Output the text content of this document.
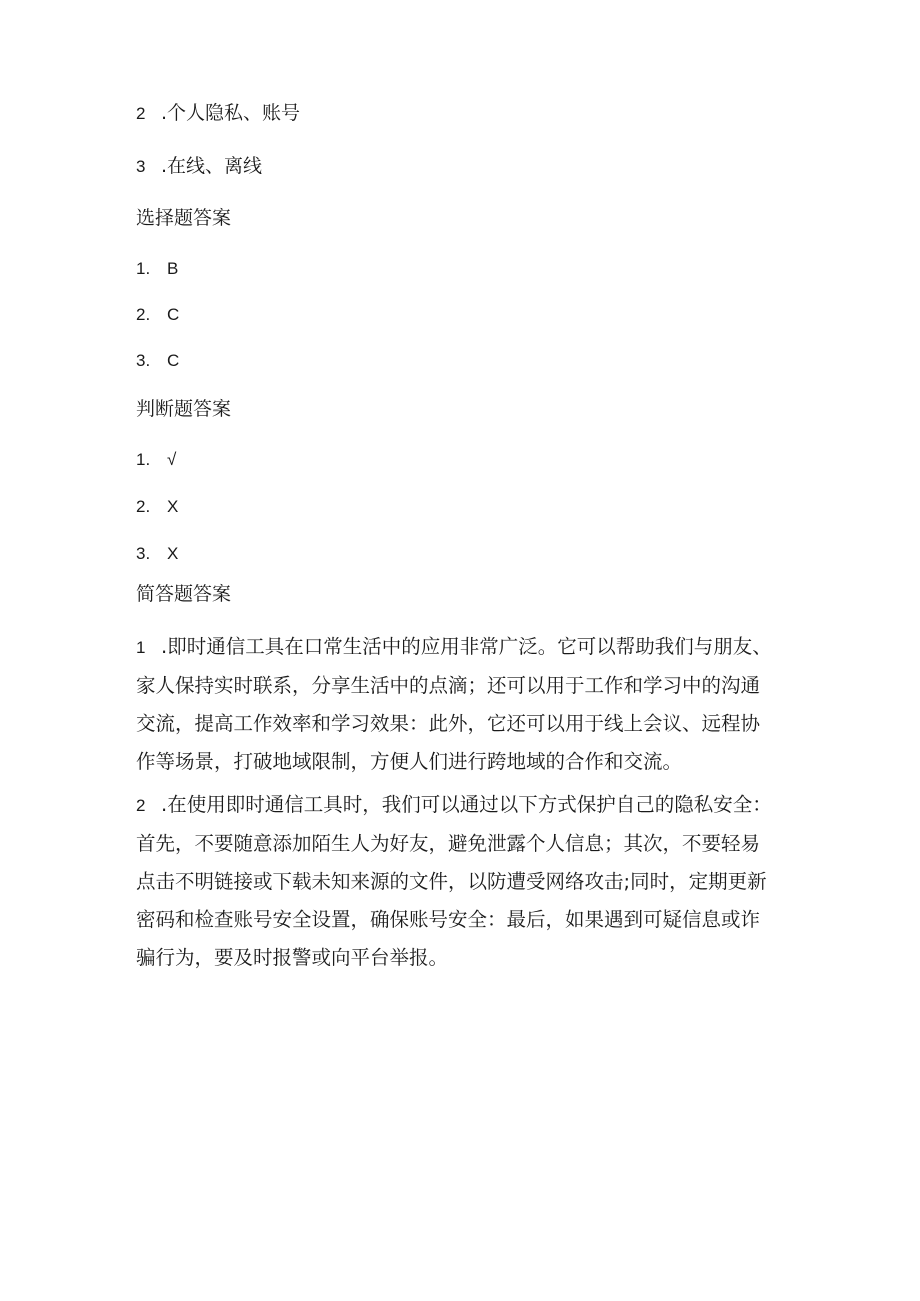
2 .个人隐私、账号
3 .在线、离线
选择题答案
1. B
2. C
3. C
判断题答案
1. √
2. X
3. X
简答题答案
1 .即时通信工具在口常生活中的应用非常广泛。它可以帮助我们与朋友、
家人保持实时联系，分享生活中的点滴；还可以用于工作和学习中的沟通
交流，提高工作效率和学习效果：此外，它还可以用于线上会议、远程协
作等场景，打破地域限制，方便人们进行跨地域的合作和交流。
2 .在使用即时通信工具时，我们可以通过以下方式保护自己的隐私安全：
首先，不要随意添加陌生人为好友，避免泄露个人信息；其次，不要轻易
点击不明链接或下载未知来源的文件，以防遭受网络攻击;同时，定期更新
密码和检查账号安全设置，确保账号安全：最后，如果遇到可疑信息或诈
骗行为，要及时报警或向平台举报。
